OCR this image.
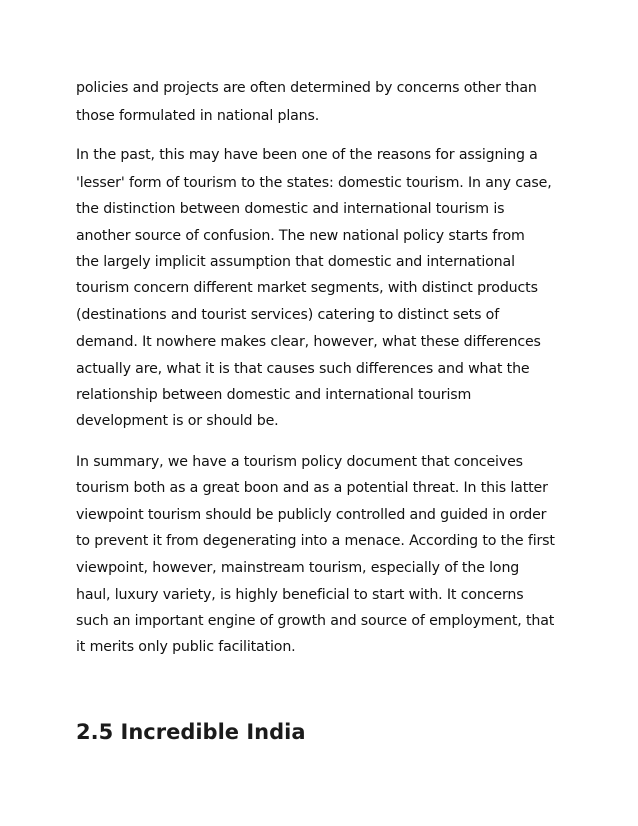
policies and projects are often determined by concerns other than
those formulated in national plans.
In the past, this may have been one of the reasons for assigning a
'lesser' form of tourism to the states: domestic tourism. In any case,
the distinction between domestic and international tourism is
another source of confusion. The new national policy starts from
the largely implicit assumption that domestic and international
tourism concern different market segments, with distinct products
(destinations and tourist services) catering to distinct sets of
demand. It nowhere makes clear, however, what these differences
actually are, what it is that causes such differences and what the
relationship between domestic and international tourism
development is or should be.
In summary, we have a tourism policy document that conceives
tourism both as a great boon and as a potential threat. In this latter
viewpoint tourism should be publicly controlled and guided in order
to prevent it from degenerating into a menace. According to the first
viewpoint, however, mainstream tourism, especially of the long
haul, luxury variety, is highly beneficial to start with. It concerns
such an important engine of growth and source of employment, that
it merits only public facilitation.
2.5 Incredible India
